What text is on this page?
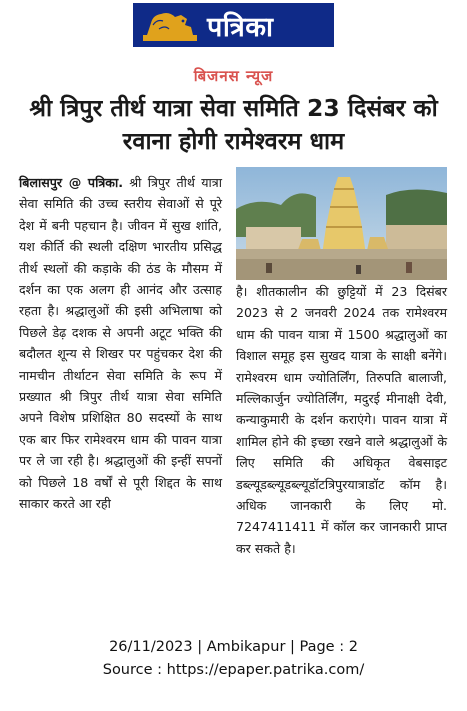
पत्रिका
बिजनस न्यूज
श्री त्रिपुर तीर्थ यात्रा सेवा समिति 23 दिसंबर को रवाना होगी रामेश्वरम धाम

बिलासपुर @ पत्रिका. श्री त्रिपुर तीर्थ यात्रा सेवा समिति की उच्च स्तरीय सेवाओं से पूरे देश में बनी पहचान है। जीवन में सुख शांति, यश कीर्ति की स्थली दक्षिण भारतीय प्रसिद्ध तीर्थ स्थलों की कड़ाके की ठंड के मौसम में दर्शन का एक अलग ही आनंद और उत्साह रहता है। श्रद्धालुओं की इसी अभिलाषा को पिछले डेढ़ दशक से अपनी अटूट भक्ति की बदौलत शून्य से शिखर पर पहुंचकर देश की नामचीन तीर्थाटन सेवा समिति के रूप में प्रख्यात श्री त्रिपुर तीर्थ यात्रा सेवा समिति अपने विशेष प्रशिक्षित 80 सदस्यों के साथ एक बार फिर रामेश्वरम धाम की पावन यात्रा पर ले जा रही है। श्रद्धालुओं की इन्हीं सपनों को पिछले 18 वर्षों से पूरी शिद्दत के साथ साकार करते आ रही

है। शीतकालीन की छुट्टियों में 23 दिसंबर 2023 से 2 जनवरी 2024 तक रामेश्वरम धाम की पावन यात्रा में 1500 श्रद्धालुओं का विशाल समूह इस सुखद यात्रा के साक्षी बनेंगे। रामेश्वरम धाम ज्योतिर्लिंग, तिरुपति बालाजी, मल्लिकार्जुन ज्योतिर्लिंग, मदुरई मीनाक्षी देवी, कन्याकुमारी के दर्शन कराएंगे। पावन यात्रा में शामिल होने की इच्छा रखने वाले श्रद्धालुओं के लिए समिति की अधिकृत वेबसाइट डब्ल्यूडब्ल्यूडब्ल्यूडॉटत्रिपुरयात्राडॉट कॉम है। अधिक जानकारी के लिए मो. 7247411411 में कॉल कर जानकारी प्राप्त कर सकते है।

26/11/2023 | Ambikapur | Page : 2
Source : https://epaper.patrika.com/
